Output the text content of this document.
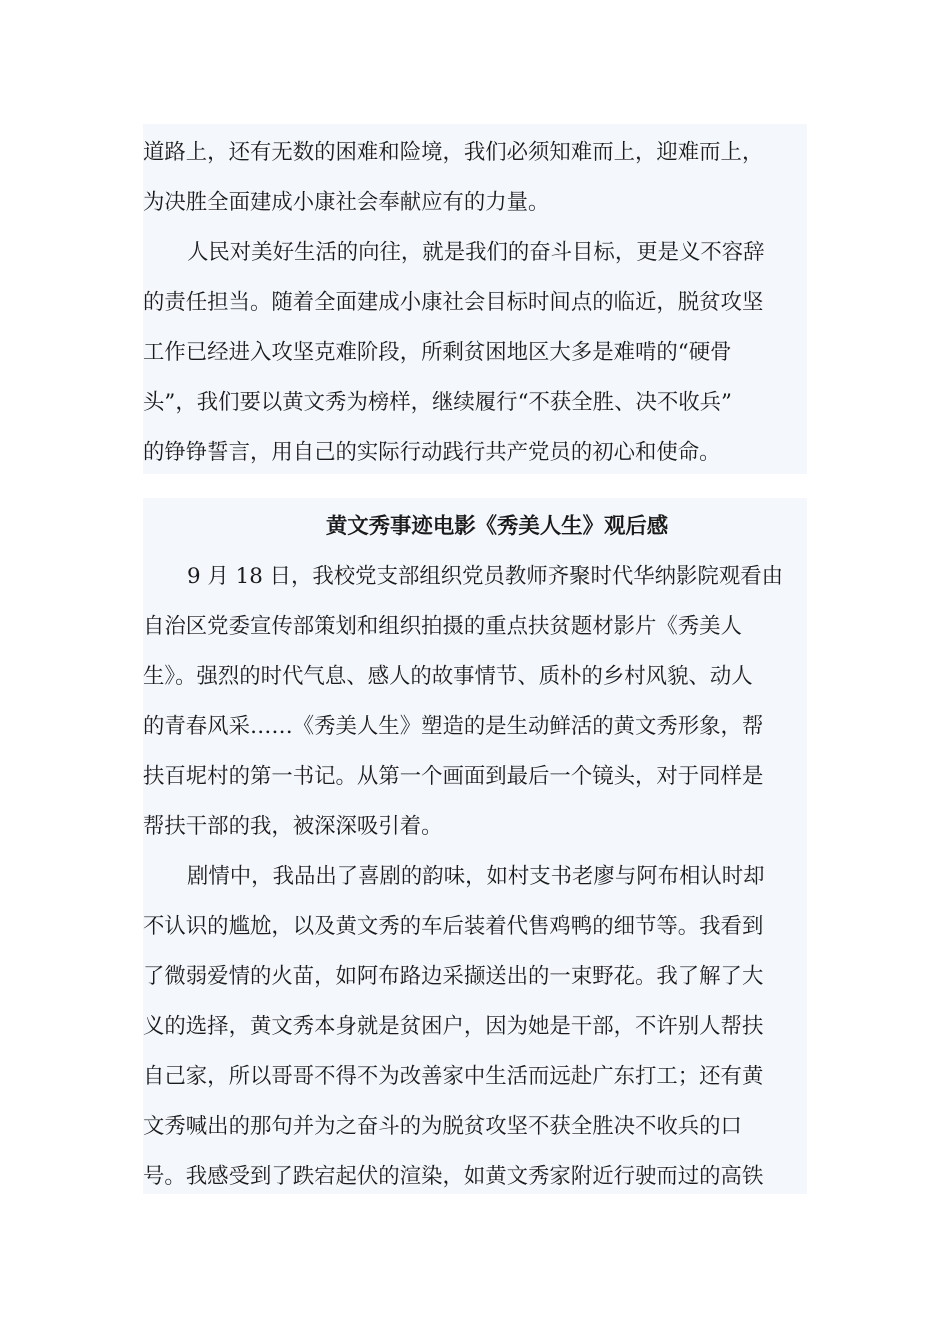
道路上，还有无数的困难和险境，我们必须知难而上，迎难而上，

为决胜全面建成小康社会奉献应有的力量。

人民对美好生活的向往，就是我们的奋斗目标，更是义不容辞

的责任担当。随着全面建成小康社会目标时间点的临近，脱贫攻坚

工作已经进入攻坚克难阶段，所剩贫困地区大多是难啃的“硬骨

头”，我们要以黄文秀为榜样，继续履行“不获全胜、决不收兵”

的铮铮誓言，用自己的实际行动践行共产党员的初心和使命。

黄文秀事迹电影《秀美人生》观后感

9 月 18 日，我校党支部组织党员教师齐聚时代华纳影院观看由

自治区党委宣传部策划和组织拍摄的重点扶贫题材影片《秀美人

生》。强烈的时代气息、感人的故事情节、质朴的乡村风貌、动人

的青春风采……《秀美人生》塑造的是生动鲜活的黄文秀形象，帮

扶百坭村的第一书记。从第一个画面到最后一个镜头，对于同样是

帮扶干部的我，被深深吸引着。

剧情中，我品出了喜剧的韵味，如村支书老廖与阿布相认时却

不认识的尴尬，以及黄文秀的车后装着代售鸡鸭的细节等。我看到

了微弱爱情的火苗，如阿布路边采撷送出的一束野花。我了解了大

义的选择，黄文秀本身就是贫困户，因为她是干部，不许别人帮扶

自己家，所以哥哥不得不为改善家中生活而远赴广东打工；还有黄

文秀喊出的那句并为之奋斗的为脱贫攻坚不获全胜决不收兵的口

号。我感受到了跌宕起伏的渲染，如黄文秀家附近行驶而过的高铁
